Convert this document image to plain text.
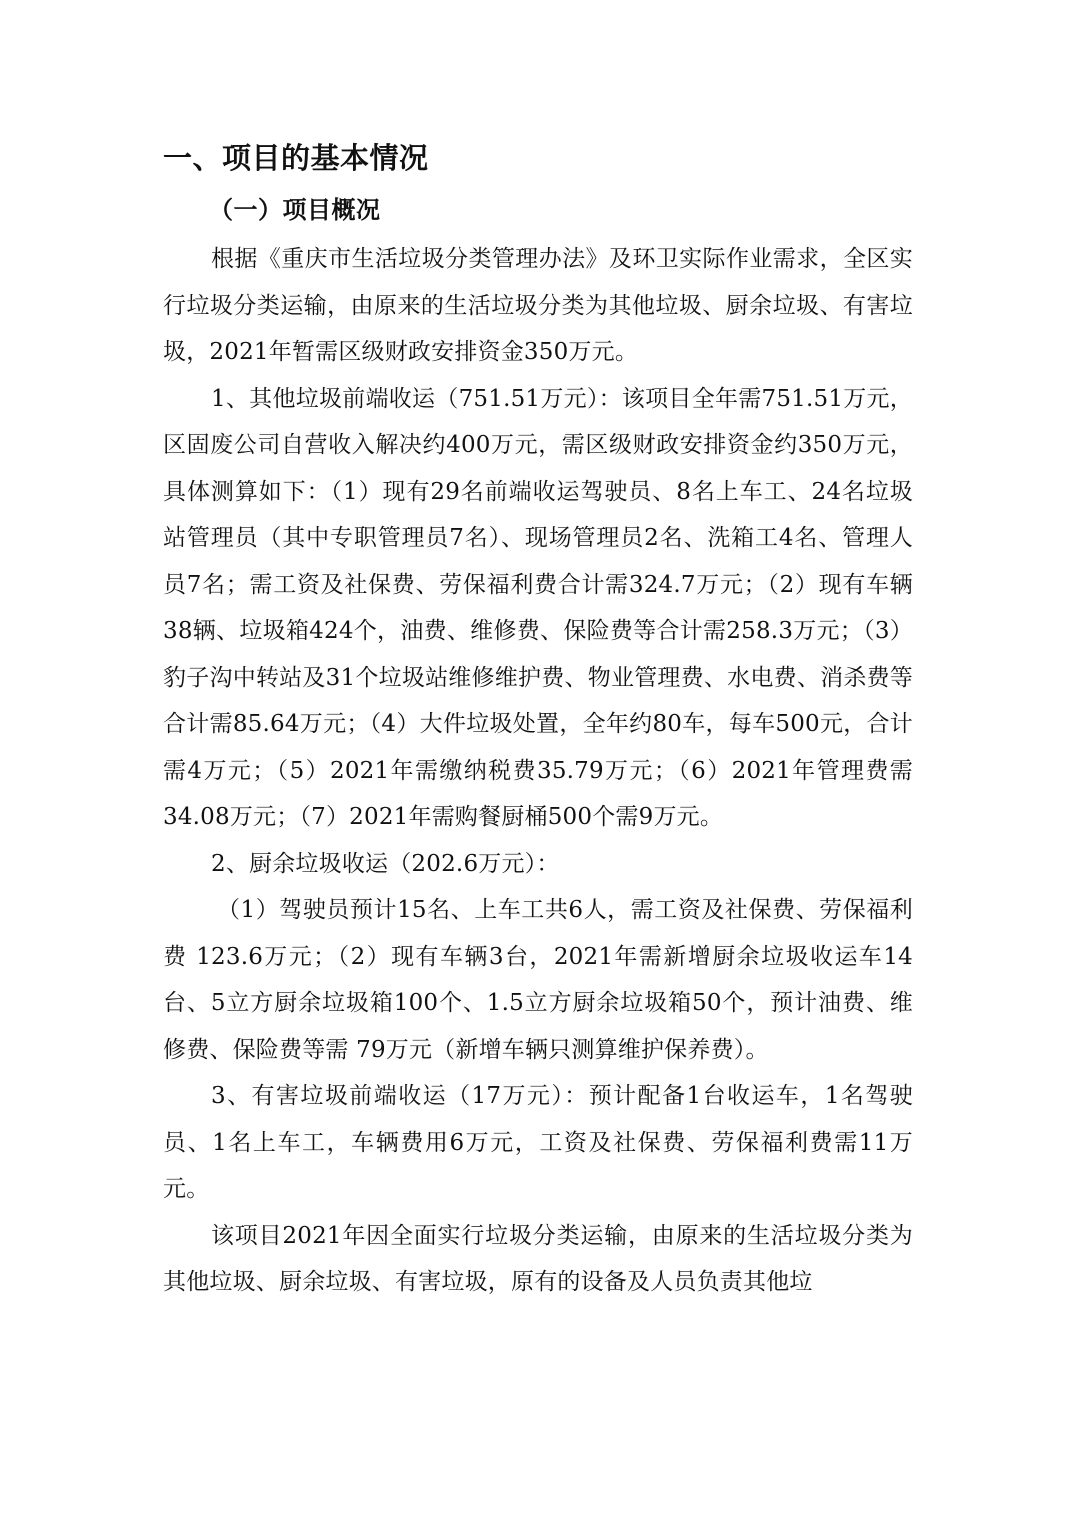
一、项目的基本情况
（一）项目概况

根据《重庆市生活垃圾分类管理办法》及环卫实际作业需求，全区实行垃圾分类运输，由原来的生活垃圾分类为其他垃圾、厨余垃圾、有害垃圾，2021年暂需区级财政安排资金350万元。

1、其他垃圾前端收运（751.51万元）：该项目全年需751.51万元，区固废公司自营收入解决约400万元，需区级财政安排资金约350万元，具体测算如下：（1）现有29名前端收运驾驶员、8名上车工、24名垃圾站管理员（其中专职管理员7名）、现场管理员2名、洗箱工4名、管理人员7名；需工资及社保费、劳保福利费合计需324.7万元；（2）现有车辆 38辆、垃圾箱424个，油费、维修费、保险费等合计需258.3万元；（3）豹子沟中转站及31个垃圾站维修维护费、物业管理费、水电费、消杀费等合计需85.64万元；（4）大件垃圾处置，全年约80车，每车500元，合计需4万元；（5）2021年需缴纳税费35.79万元；（6）2021年管理费需34.08万元；（7）2021年需购餐厨桶500个需9万元。

2、厨余垃圾收运（202.6万元）：

（1）驾驶员预计15名、上车工共6人，需工资及社保费、劳保福利费 123.6万元；（2）现有车辆3台，2021年需新增厨余垃圾收运车14台、5立方厨余垃圾箱100个、1.5立方厨余垃圾箱50个，预计油费、维修费、保险费等需 79万元（新增车辆只测算维护保养费）。

3、有害垃圾前端收运（17万元）：预计配备1台收运车，1名驾驶员、1名上车工，车辆费用6万元，工资及社保费、劳保福利费需11万元。

该项目2021年因全面实行垃圾分类运输，由原来的生活垃圾分类为其他垃圾、厨余垃圾、有害垃圾，原有的设备及人员负责其他垃
